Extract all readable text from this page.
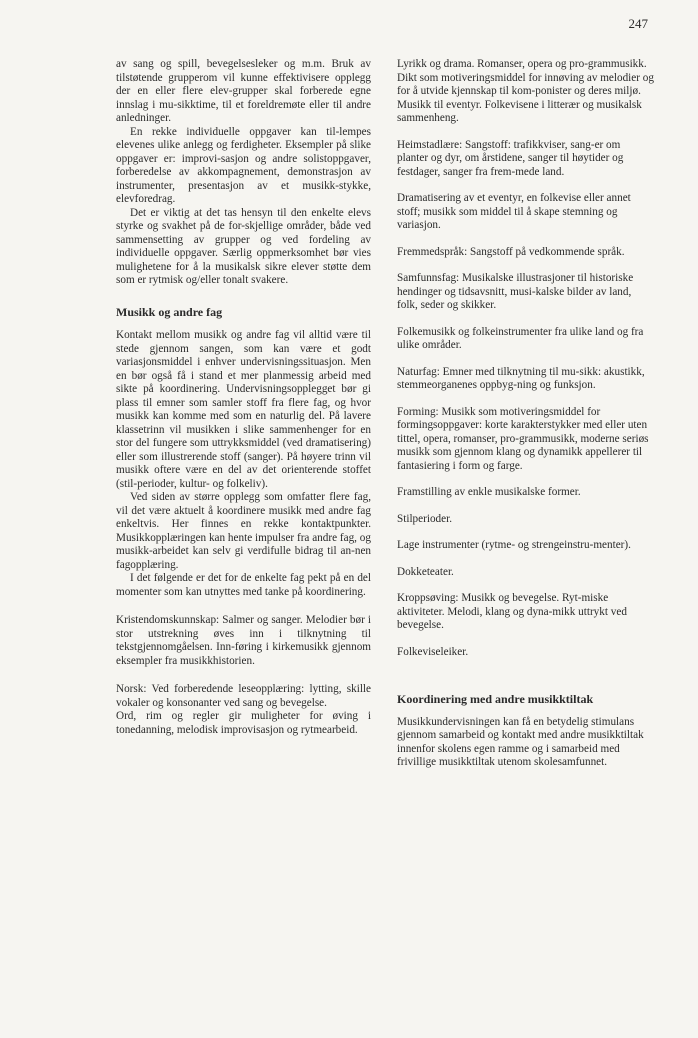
247

av sang og spill, bevegelsesleker og m.m. Bruk av tilstøtende grupperom vil kunne effektivisere opplegg der en eller flere elev-grupper skal forberede egne innslag i mu-sikktime, til et foreldremøte eller til andre anledninger.

En rekke individuelle oppgaver kan til-lempes elevenes ulike anlegg og ferdigheter. Eksempler på slike oppgaver er: improvi-sasjon og andre solistoppgaver, forberedelse av akkompagnement, demonstrasjon av instrumenter, presentasjon av et musikk-stykke, elevforedrag.

Det er viktig at det tas hensyn til den enkelte elevs styrke og svakhet på de for-skjellige områder, både ved sammensetting av grupper og ved fordeling av individuelle oppgaver. Særlig oppmerksomhet bør vies mulighetene for å la musikalsk sikre elever støtte dem som er rytmisk og/eller tonalt svakere.

Musikk og andre fag

Kontakt mellom musikk og andre fag vil alltid være til stede gjennom sangen, som kan være et godt variasjonsmiddel i enhver undervisningssituasjon. Men en bør også få i stand et mer planmessig arbeid med sikte på koordinering. Undervisningsopplegget bør gi plass til emner som samler stoff fra flere fag, og hvor musikk kan komme med som en naturlig del. På lavere klassetrinn vil musikken i slike sammenhenger for en stor del fungere som uttrykksmiddel (ved dramatisering) eller som illustrerende stoff (sanger). På høyere trinn vil musikk oftere være en del av det orienterende stoffet (stil-perioder, kultur- og folkeliv).

Ved siden av større opplegg som omfatter flere fag, vil det være aktuelt å koordinere musikk med andre fag enkeltvis. Her finnes en rekke kontaktpunkter. Musikkopplæringen kan hente impulser fra andre fag, og musikk-arbeidet kan selv gi verdifulle bidrag til an-nen fagopplæring.

I det følgende er det for de enkelte fag pekt på en del momenter som kan utnyttes med tanke på koordinering.

Kristendomskunnskap: Salmer og sanger. Melodier bør i stor utstrekning øves inn i tilknytning til tekstgjennomgåelsen. Inn-føring i kirkemusikk gjennom eksempler fra musikkhistorien.

Norsk: Ved forberedende leseopplæring: lytting, skille vokaler og konsonanter ved sang og bevegelse.

Ord, rim og regler gir muligheter for øving i tonedanning, melodisk improvisasjon og rytmearbeid.

Lyrikk og drama. Romanser, opera og pro-grammusikk.

Dikt som motiveringsmiddel for innøving av melodier og for å utvide kjennskap til kom-ponister og deres miljø.

Musikk til eventyr. Folkevisene i litterær og musikalsk sammenheng.

Heimstadlære: Sangstoff: trafikkviser, sang-er om planter og dyr, om årstidene, sanger til høytider og festdager, sanger fra frem-mede land.

Dramatisering av et eventyr, en folkevise eller annet stoff; musikk som middel til å skape stemning og variasjon.

Fremmedspråk: Sangstoff på vedkommende språk.

Samfunnsfag: Musikalske illustrasjoner til historiske hendinger og tidsavsnitt, musi-kalske bilder av land, folk, seder og skikker.

Folkemusikk og folkeinstrumenter fra ulike land og fra ulike områder.

Naturfag: Emner med tilknytning til mu-sikk: akustikk, stemmeorganenes oppbyg-ning og funksjon.

Forming: Musikk som motiveringsmiddel for formingsoppgaver: korte karakterstykker med eller uten tittel, opera, romanser, pro-grammusikk, moderne seriøs musikk som gjennom klang og dynamikk appellerer til fantasiering i form og farge.

Framstilling av enkle musikalske former.

Stilperioder.

Lage instrumenter (rytme- og strengeinstru-menter).

Dokketeater.

Kroppsøving: Musikk og bevegelse. Ryt-miske aktiviteter. Melodi, klang og dyna-mikk uttrykt ved bevegelse.

Folkeviseleiker.

Koordinering med andre musikktiltak

Musikkundervisningen kan få en betydelig stimulans gjennom samarbeid og kontakt med andre musikktiltak innenfor skolens egen ramme og i samarbeid med frivillige musikktiltak utenom skolesamfunnet.
